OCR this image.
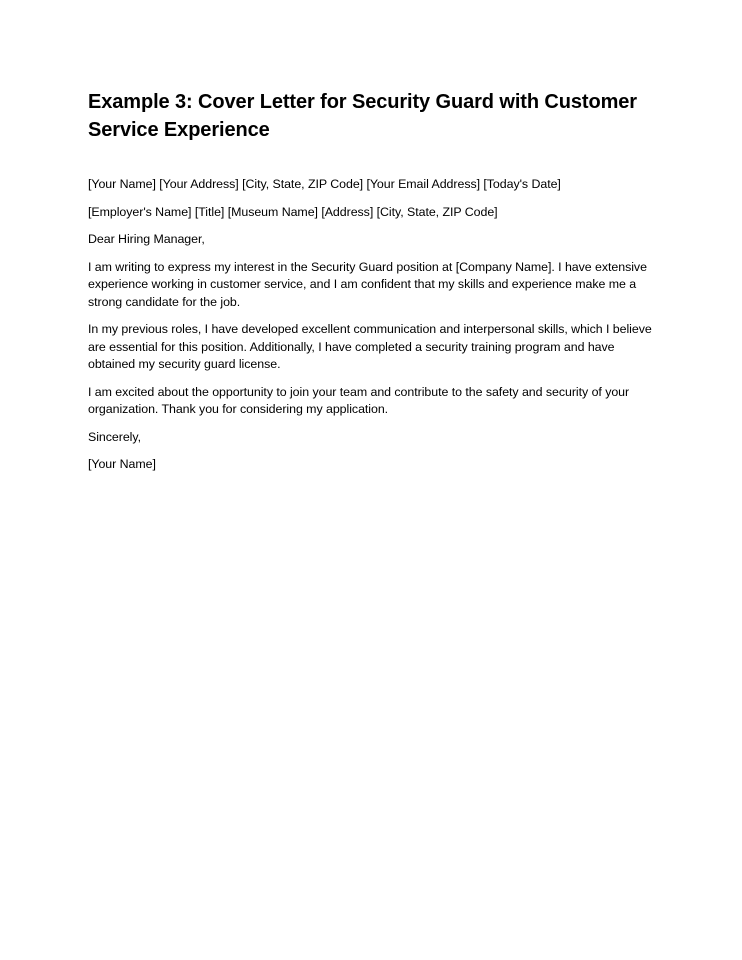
Example 3: Cover Letter for Security Guard with Customer Service Experience

[Your Name] [Your Address] [City, State, ZIP Code] [Your Email Address] [Today's Date]

[Employer's Name] [Title] [Museum Name] [Address] [City, State, ZIP Code]

Dear Hiring Manager,

I am writing to express my interest in the Security Guard position at [Company Name]. I have extensive experience working in customer service, and I am confident that my skills and experience make me a strong candidate for the job.

In my previous roles, I have developed excellent communication and interpersonal skills, which I believe are essential for this position. Additionally, I have completed a security training program and have obtained my security guard license.

I am excited about the opportunity to join your team and contribute to the safety and security of your organization. Thank you for considering my application.

Sincerely,

[Your Name]
